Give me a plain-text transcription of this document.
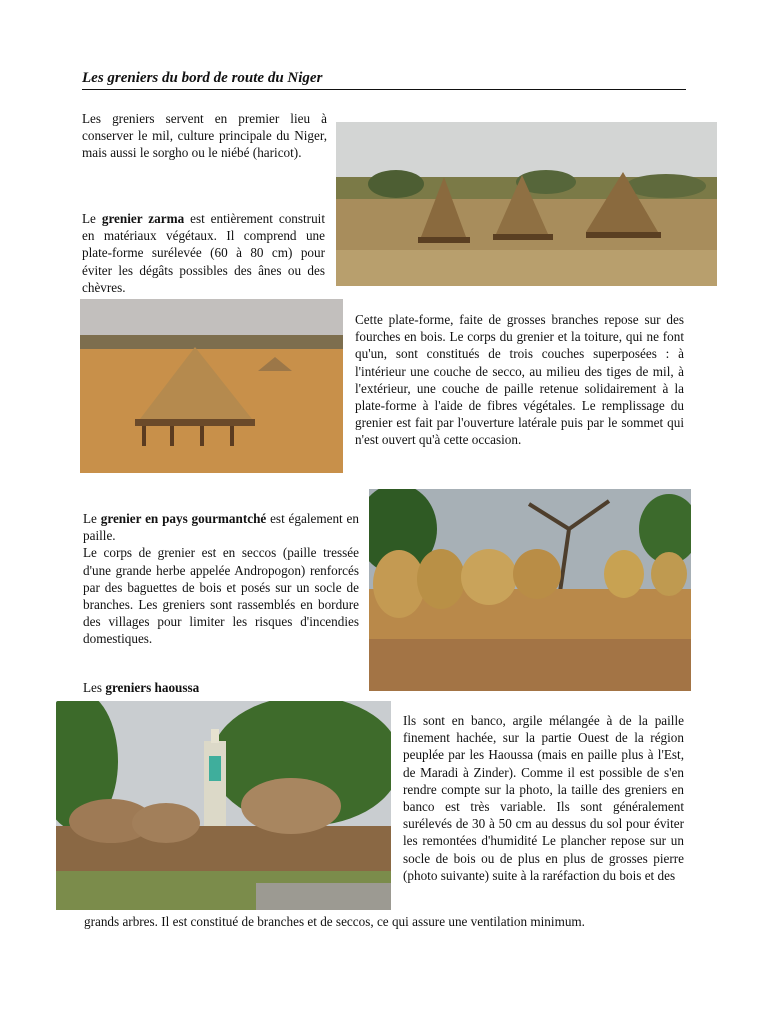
Les greniers du bord de route du Niger
Les greniers servent en premier lieu à conserver le mil, culture principale du Niger, mais aussi le sorgho ou le niébé (haricot).
Le grenier zarma est entièrement construit en matériaux végétaux. Il comprend une plate-forme surélevée (60 à 80 cm) pour éviter les dégâts possibles des ânes ou des chèvres.
Cette plate-forme, faite de grosses branches repose sur des fourches en bois. Le corps du grenier et la toiture, qui ne font qu'un, sont constitués de trois couches superposées : à l'intérieur une couche de secco, au milieu des tiges de mil, à l'extérieur, une couche de paille retenue solidairement à la plate-forme à l'aide de fibres végétales. Le remplissage du grenier est fait par l'ouverture latérale puis par le sommet qui n'est ouvert qu'à cette occasion.
Le grenier en pays gourmantché est également en paille.
Le corps de grenier est en seccos (paille tressée d'une grande herbe appelée Andropogon) renforcés par des baguettes de bois et posés sur un socle de branches. Les greniers sont rassemblés en bordure des villages pour limiter les risques d'incendies domestiques.
Les greniers haoussa
Ils sont en banco, argile mélangée à de la paille finement hachée, sur la partie Ouest de la région peuplée par les Haoussa (mais en paille plus à l'Est, de Maradi à Zinder). Comme il est possible de s'en rendre compte sur la photo, la taille des greniers en banco est très variable. Ils sont généralement surélevés de 30 à 50 cm au dessus du sol pour éviter les remontées d'humidité Le plancher repose sur un socle de bois ou de plus en plus de grosses pierre (photo suivante) suite à la raréfaction du bois et des
grands arbres. Il est constitué de branches et de seccos, ce qui assure une ventilation minimum.
